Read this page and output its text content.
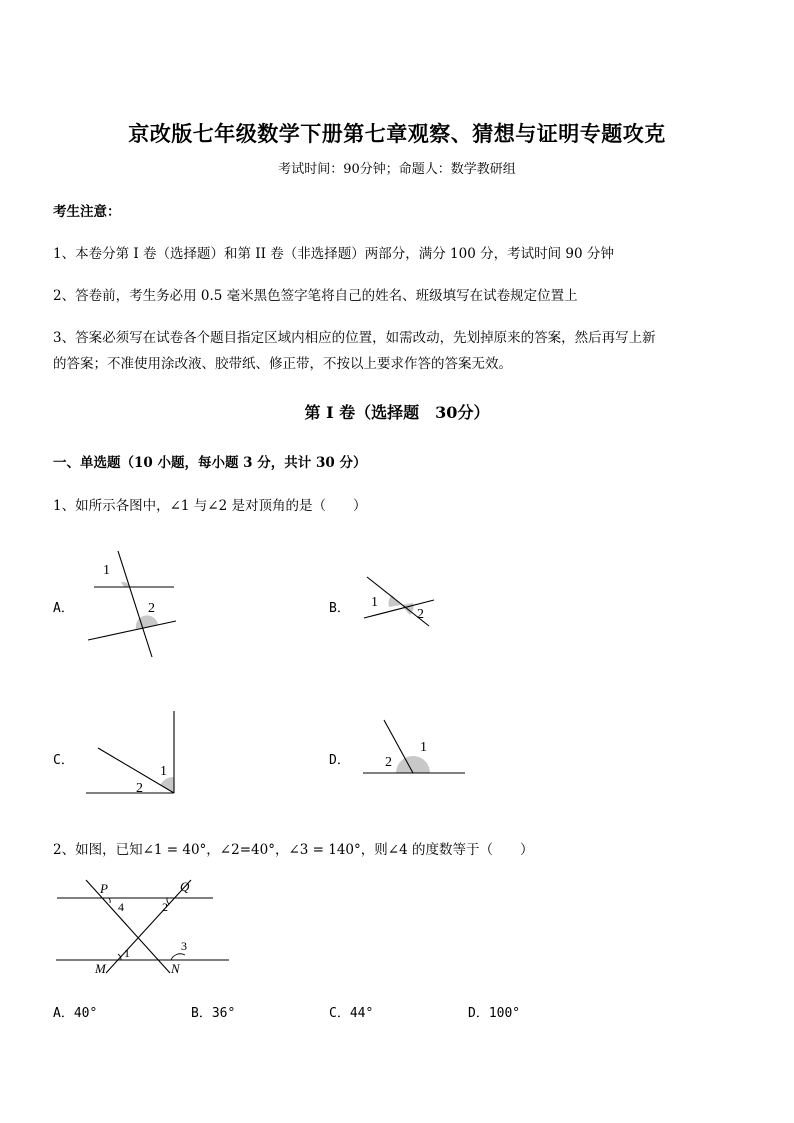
京改版七年级数学下册第七章观察、猜想与证明专题攻克
考试时间：90分钟；命题人：数学教研组
考生注意：
1、本卷分第 I 卷（选择题）和第 II 卷（非选择题）两部分，满分 100 分，考试时间 90 分钟
2、答卷前，考生务必用 0.5 毫米黑色签字笔将自己的姓名、班级填写在试卷规定位置上
3、答案必须写在试卷各个题目指定区域内相应的位置，如需改动，先划掉原来的答案，然后再写上新
的答案；不准使用涂改液、胶带纸、修正带，不按以上要求作答的答案无效。
第 I 卷（选择题　30分）
一、单选题（10 小题，每小题 3 分，共计 30 分）
1、如所示各图中，∠1 与∠2 是对顶角的是（　　）
A．
1
2	B． 1
2
C．
1
2
D．
1
2
2、如图，已知∠1 = 40°，∠2=40°，∠3 = 140°，则∠4 的度数等于（　　）
P	Q
M	N
4	2
1	3
A．40°	B．36°	C．44°	D．100°
